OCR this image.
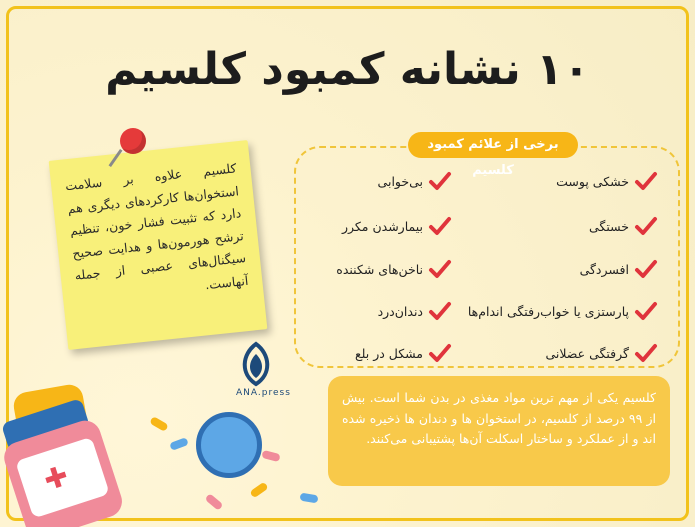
۱۰ نشانه کمبود کلسیم
کلسیم علاوه بر سلامت استخوان‌ها کارکردهای دیگری هم دارد که تثبیت فشار خون، تنظیم ترشح هورمون‌ها و هدایت صحیح سیگنال‌های عصبی از جمله آنهاست.
ANA.press
برخی از علائم کمبود کلسیم
خشکی پوست
خستگی
افسردگی
پارستزی یا خواب‌رفتگی اندام‌ها
گرفتگی عضلانی
بی‌خوابی
بیمارشدن مکرر
ناخن‌های شکننده
دندان‌درد
مشکل در بلع
کلسیم یکی از مهم ترین مواد مغذی در بدن شما است. بیش از ۹۹ درصد از کلسیم، در استخوان ها و دندان ها ذخیره شده اند و از عملکرد و ساختار اسکلت آن‌ها پشتیبانی می‌کنند.
✚
